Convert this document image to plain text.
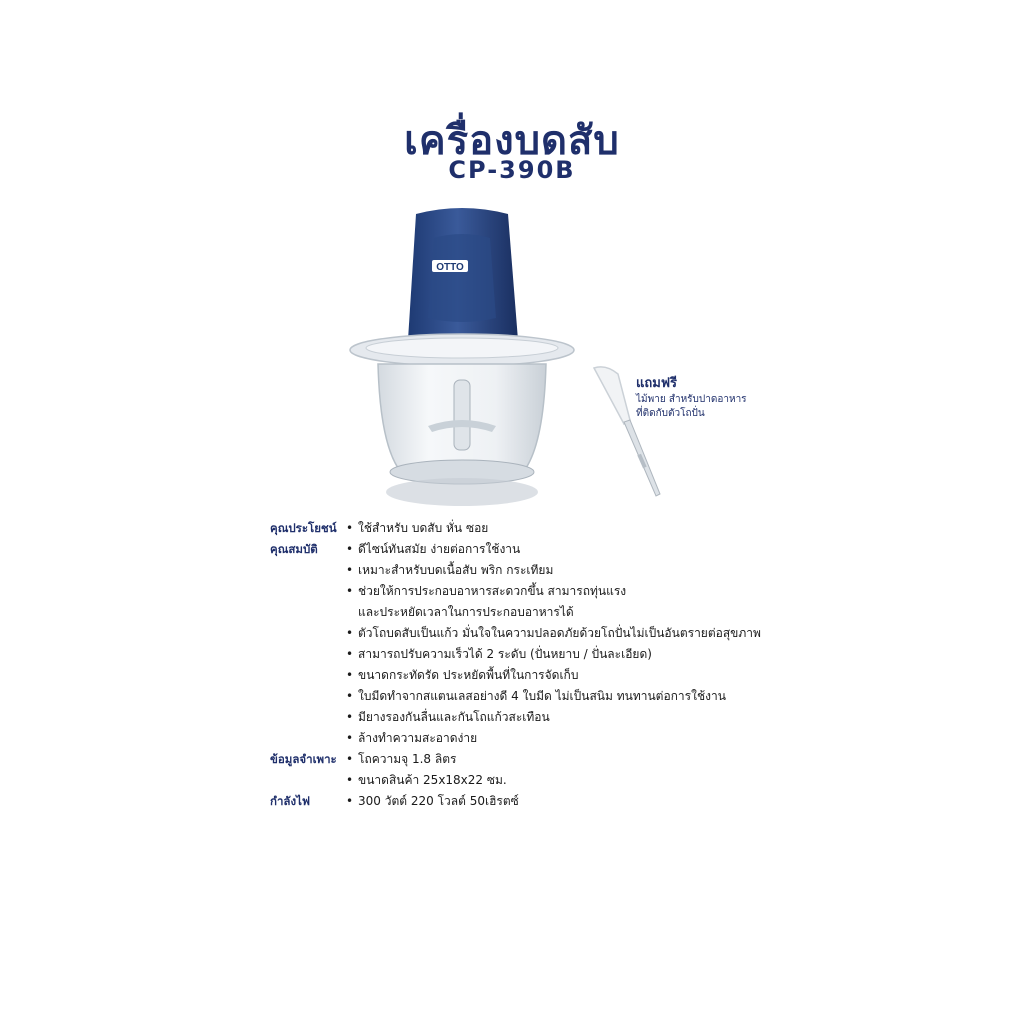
เครื่องบดสับ
CP-390B
OTTO
แถมฟรี
ไม้พาย สำหรับปาดอาหาร
ที่ติดกับตัวโถปั่น
คุณประโยชน์	• ใช้สำหรับ บดสับ หั่น ซอย
คุณสมบัติ	• ดีไซน์ทันสมัย ง่ายต่อการใช้งาน
• เหมาะสำหรับบดเนื้อสับ พริก กระเทียม
• ช่วยให้การประกอบอาหารสะดวกขึ้น สามารถทุ่นแรง
และประหยัดเวลาในการประกอบอาหารได้
• ตัวโถบดสับเป็นแก้ว มั่นใจในความปลอดภัยด้วยโถปั่นไม่เป็นอันตรายต่อสุขภาพ
• สามารถปรับความเร็วได้ 2 ระดับ (ปั่นหยาบ / ปั่นละเอียด)
• ขนาดกระทัดรัด ประหยัดพื้นที่ในการจัดเก็บ
• ใบมีดทำจากสแตนเลสอย่างดี 4 ใบมีด ไม่เป็นสนิม ทนทานต่อการใช้งาน
• มียางรองกันลื่นและกันโถแก้วสะเทือน
• ล้างทำความสะอาดง่าย
ข้อมูลจำเพาะ	• โถความจุ 1.8 ลิตร
• ขนาดสินค้า 25x18x22 ซม.
กำลังไฟ	• 300 วัตต์ 220 โวลต์ 50เฮิรตซ์
